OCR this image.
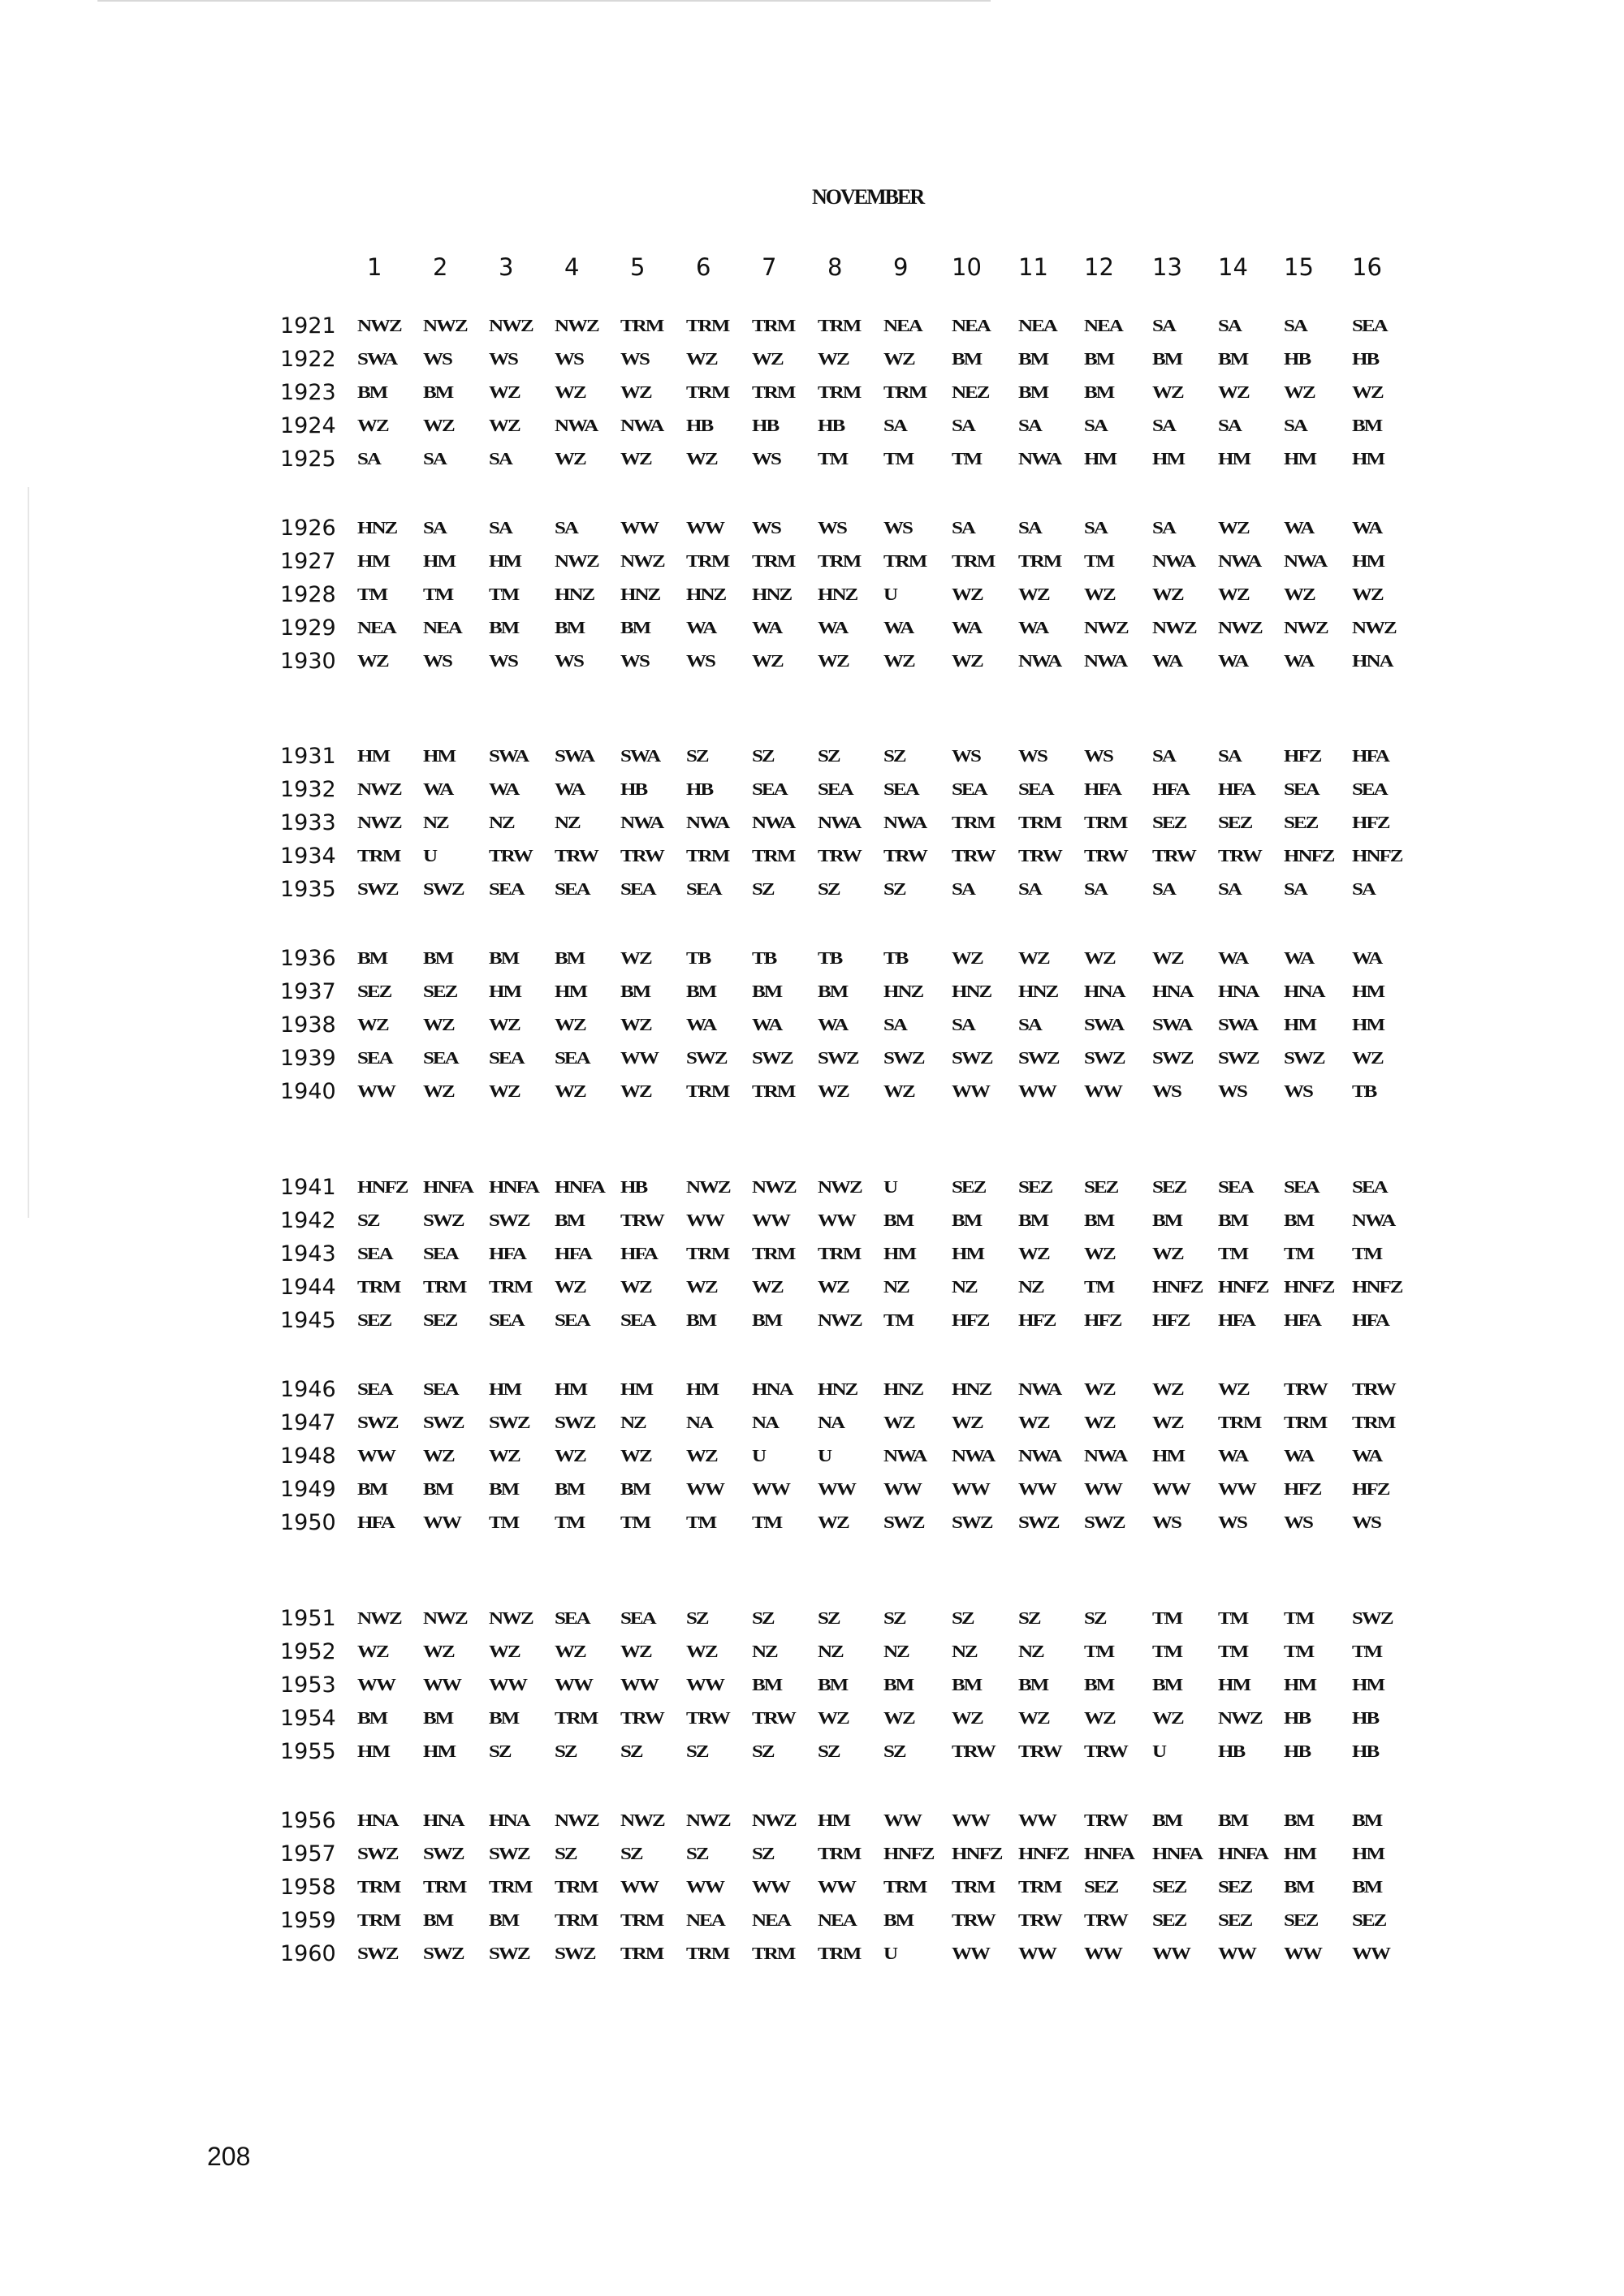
NOVEMBER
1 2 3 4 5 6 7 8 9 10 11 12 13 14 15 16
1921	NWZ NWZ NWZ NWZ TRM TRM TRM TRM NEA NEA NEA NEA SA SA SA SEA
1922	SWA WS WS WS WS WZ WZ WZ WZ BM BM BM BM BM HB HB
1923	BM BM WZ WZ WZ TRM TRM TRM TRM NEZ BM BM WZ WZ WZ WZ
1924	WZ WZ WZ NWA NWA HB HB HB SA SA SA SA SA SA SA BM
1925	SA SA SA WZ WZ WZ WS TM TM TM NWA HM HM HM HM HM
1926	HNZ SA SA SA WW WW WS WS WS SA SA SA SA WZ WA WA
1927	HM HM HM NWZ NWZ TRM TRM TRM TRM TRM TRM TM NWA NWA NWA HM
1928	TM TM TM HNZ HNZ HNZ HNZ HNZ U	WZ WZ WZ WZ WZ WZ WZ
1929	NEA NEA BM BM BM WA WA WA WA WA WA NWZ NWZ NWZ NWZ NWZ
1930	WZ WS WS WS WS WS WZ WZ WZ WZ NWA NWA WA WA WA HNA
1931	HM HM SWA SWA SWA SZ SZ SZ SZ WS WS WS SA SA HFZ HFA
1932	NWZ WA WA WA HB HB SEA SEA SEA SEA SEA HFA HFA HFA SEA SEA
1933	NWZ NZ NZ NZ NWA NWA NWA NWA NWA TRM TRM TRM SEZ SEZ SEZ HFZ
1934	TRM U	TRW TRW TRW TRM TRM TRW TRW TRW TRW TRW TRW TRW HNFZ HNFZ
1935	SWZ SWZ SEA SEA SEA SEA SZ SZ SZ SA SA SA SA SA SA SA
1936	BM BM BM BM WZ TB TB TB TB WZ WZ WZ WZ WA WA WA
1937	SEZ SEZ HM HM BM BM BM BM HNZ HNZ HNZ HNA HNA HNA HNA HM
1938	WZ WZ WZ WZ WZ WA WA WA SA SA SA SWA SWA SWA HM HM
1939	SEA SEA SEA SEA WW SWZ SWZ SWZ SWZ SWZ SWZ SWZ SWZ SWZ SWZ WZ
1940	WW WZ WZ WZ WZ TRM TRM WZ WZ WW WW WW WS WS WS TB
1941	HNFZ HNFA HNFA HNFA HB NWZ NWZ NWZ U	SEZ SEZ SEZ SEZ SEA SEA SEA
1942	SZ SWZ SWZ BM TRW WW WW WW BM BM BM BM BM BM BM NWA
1943	SEA SEA HFA HFA HFA TRM TRM TRM HM HM WZ WZ WZ TM TM TM
1944	TRM TRM TRM WZ WZ WZ WZ WZ NZ NZ NZ TM HNFZ HNFZ HNFZ HNFZ
1945	SEZ SEZ SEA SEA SEA BM BM NWZ TM HFZ HFZ HFZ HFZ HFA HFA HFA
1946	SEA SEA HM HM HM HM HNA HNZ HNZ HNZ NWA WZ WZ WZ TRW TRW
1947	SWZ SWZ SWZ SWZ NZ NA NA NA WZ WZ WZ WZ WZ TRM TRM TRM
1948	WW WZ WZ WZ WZ WZ U	U	NWA NWA NWA NWA HM WA WA WA
1949	BM BM BM BM BM WW WW WW WW WW WW WW WW WW HFZ HFZ
1950	HFA WW TM TM TM TM TM WZ SWZ SWZ SWZ SWZ WS WS WS WS
1951	NWZ NWZ NWZ SEA SEA SZ SZ SZ SZ SZ SZ SZ TM TM TM SWZ
1952	WZ WZ WZ WZ WZ WZ NZ NZ NZ NZ NZ TM TM TM TM TM
1953	WW WW WW WW WW WW BM BM BM BM BM BM BM HM HM HM
1954	BM BM BM TRM TRW TRW TRW WZ WZ WZ WZ WZ WZ NWZ HB HB
1955	HM HM SZ SZ SZ SZ SZ SZ SZ TRW TRW TRW U	HB HB HB
1956	HNA HNA HNA NWZ NWZ NWZ NWZ HM WW WW WW TRW BM BM BM BM
1957	SWZ SWZ SWZ SZ SZ SZ SZ TRM HNFZ HNFZ HNFZ HNFA HNFA HNFA HM HM
1958	TRM TRM TRM TRM WW WW WW WW TRM TRM TRM SEZ SEZ SEZ BM BM
1959	TRM BM BM TRM TRM NEA NEA NEA BM TRW TRW TRW SEZ SEZ SEZ SEZ
1960	SWZ SWZ SWZ SWZ TRM TRM TRM TRM U	WW WW WW WW WW WW WW
208
